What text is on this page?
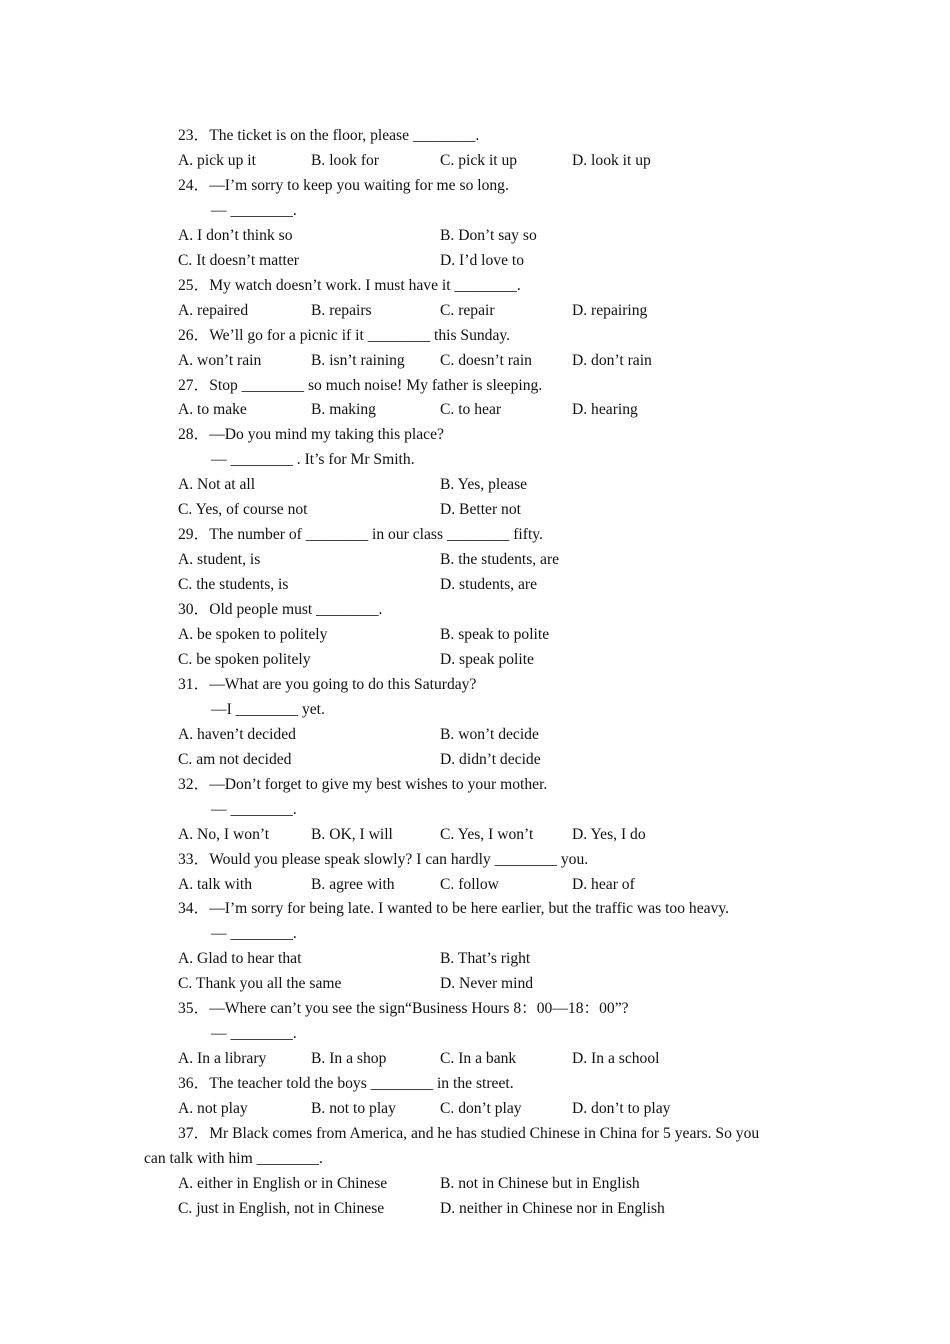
23．The ticket is on the floor, please ________.
A. pick up it	B. look for	C. pick it up	D. look it up
24．—I’m sorry to keep you waiting for me so long.
— ________.
A. I don’t think so	B. Don’t say so
C. It doesn’t matter	D. I’d love to
25．My watch doesn’t work. I must have it ________.
A. repaired	B. repairs	C. repair	D. repairing
26．We’ll go for a picnic if it ________ this Sunday.
A. won’t rain	B. isn’t raining C. doesn’t rain	D. don’t rain
27．Stop ________ so much noise! My father is sleeping.
A. to make	B. making	C. to hear	D. hearing
28．—Do you mind my taking this place?
— ________ . It’s for Mr Smith.
A. Not at all	B. Yes, please
C. Yes, of course not	D. Better not
29．The number of ________ in our class ________ fifty.
A. student, is	B. the students, are
C. the students, is	D. students, are
30．Old people must ________.
A. be spoken to politely	B. speak to polite
C. be spoken politely	D. speak polite
31．—What are you going to do this Saturday?
—I ________ yet.
A. haven’t decided	B. won’t decide
C. am not decided	D. didn’t decide
32．—Don’t forget to give my best wishes to your mother.
— ________.
A. No, I won’t	B. OK, I will	C. Yes, I won’t D. Yes, I do
33．Would you please speak slowly? I can hardly ________ you.
A. talk with	B. agree with	C. follow	D. hear of
34．—I’m sorry for being late. I wanted to be here earlier, but the traffic was too heavy.
— ________.
A. Glad to hear that	B. That’s right
C. Thank you all the same	D. Never mind
35．—Where can’t you see the sign“Business Hours 8：00—18：00”?
— ________.
A. In a library	B. In a shop	C. In a bank	D. In a school
36．The teacher told the boys ________ in the street.
A. not play	B. not to play	C. don’t play	D. don’t to play
37．Mr Black comes from America, and he has studied Chinese in China for 5 years. So you
can talk with him ________.
A. either in English or in Chinese	B. not in Chinese but in English
C. just in English, not in Chinese	D. neither in Chinese nor in English
